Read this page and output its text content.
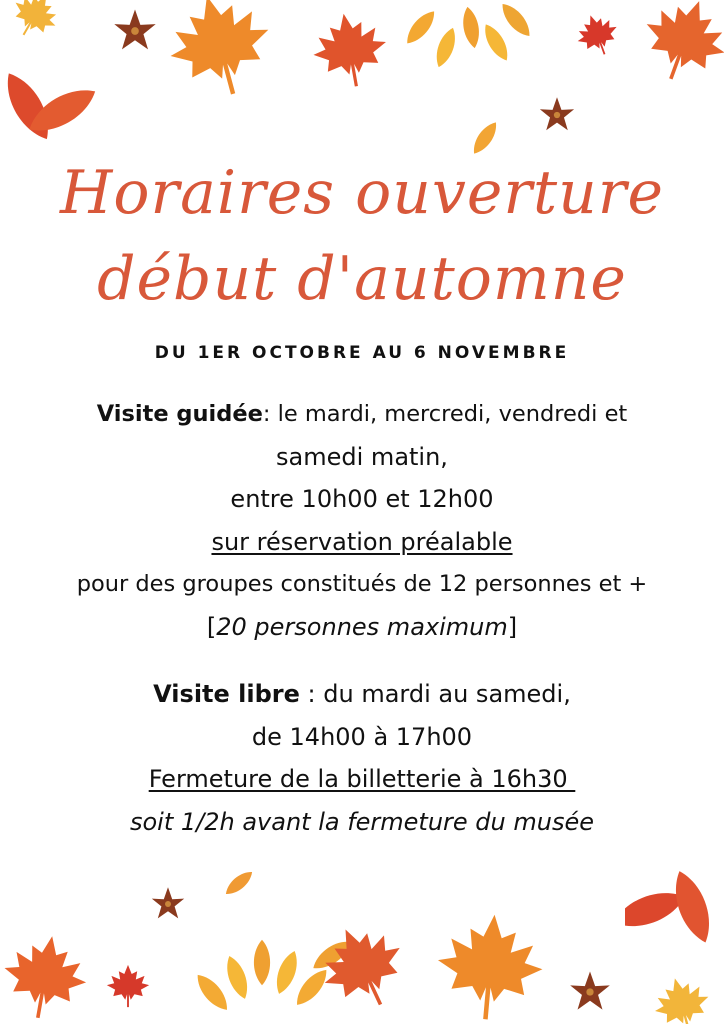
Horaires ouverture
début d'automne
DU 1ER OCTOBRE AU 6 NOVEMBRE
Visite guidée: le mardi, mercredi, vendredi et
samedi matin,
entre 10h00 et 12h00
sur réservation préalable
pour des groupes constitués de 12 personnes et +
[20 personnes maximum]
Visite libre : du mardi au samedi,
de 14h00 à 17h00
Fermeture de la billetterie à 16h30
soit 1/2h avant la fermeture du musée
